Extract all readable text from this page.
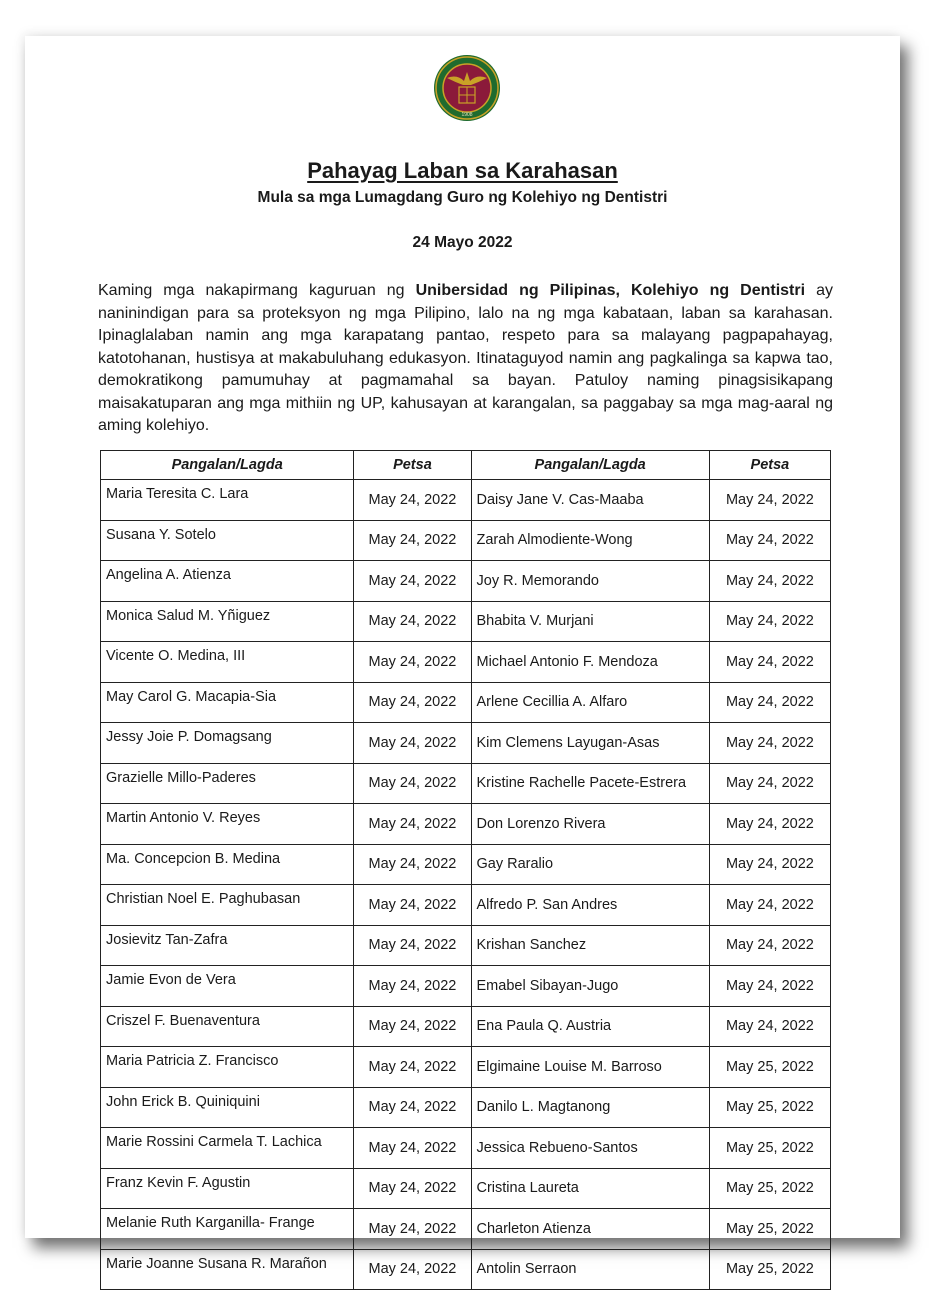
1908
Pahayag Laban sa Karahasan
Mula sa mga Lumagdang Guro ng Kolehiyo ng Dentistri
24 Mayo 2022
Kaming mga nakapirmang kaguruan ng Unibersidad ng Pilipinas, Kolehiyo ng Dentistri ay naninindigan para sa proteksyon ng mga Pilipino, lalo na ng mga kabataan, laban sa karahasan. Ipinaglalaban namin ang mga karapatang pantao, respeto para sa malayang pagpapahayag, katotohanan, hustisya at makabuluhang edukasyon. Itinataguyod namin ang pagkalinga sa kapwa tao, demokratikong pamumuhay at pagmamahal sa bayan. Patuloy naming pinagsisikapang maisakatuparan ang mga mithiin ng UP, kahusayan at karangalan, sa paggabay sa mga mag-aaral ng aming kolehiyo.
Pangalan/Lagda	Petsa	Pangalan/Lagda	Petsa
Maria Teresita C. Lara	May 24, 2022	Daisy Jane V. Cas-Maaba	May 24, 2022
Susana Y. Sotelo	May 24, 2022	Zarah Almodiente-Wong	May 24, 2022
Angelina A. Atienza	May 24, 2022	Joy R. Memorando	May 24, 2022
Monica Salud M. Yñiguez	May 24, 2022	Bhabita V. Murjani	May 24, 2022
Vicente O. Medina, III	May 24, 2022	Michael Antonio F. Mendoza	May 24, 2022
May Carol G. Macapia-Sia	May 24, 2022	Arlene Cecillia A. Alfaro	May 24, 2022
Jessy Joie P. Domagsang	May 24, 2022	Kim Clemens Layugan-Asas	May 24, 2022
Grazielle Millo-Paderes	May 24, 2022	Kristine Rachelle Pacete-Estrera	May 24, 2022
Martin Antonio V. Reyes	May 24, 2022	Don Lorenzo Rivera	May 24, 2022
Ma. Concepcion B. Medina	May 24, 2022	Gay Raralio	May 24, 2022
Christian Noel E. Paghubasan	May 24, 2022	Alfredo P. San Andres	May 24, 2022
Josievitz Tan-Zafra	May 24, 2022	Krishan Sanchez	May 24, 2022
Jamie Evon de Vera	May 24, 2022	Emabel Sibayan-Jugo	May 24, 2022
Criszel F. Buenaventura	May 24, 2022	Ena Paula Q. Austria	May 24, 2022
Maria Patricia Z. Francisco	May 24, 2022	Elgimaine Louise M. Barroso	May 25, 2022
John Erick B. Quiniquini	May 24, 2022	Danilo L. Magtanong	May 25, 2022
Marie Rossini Carmela T. Lachica	May 24, 2022	Jessica Rebueno-Santos	May 25, 2022
Franz Kevin F. Agustin	May 24, 2022	Cristina Laureta	May 25, 2022
Melanie Ruth Karganilla- Frange	May 24, 2022	Charleton Atienza	May 25, 2022
Marie Joanne Susana R. Marañon	May 24, 2022	Antolin Serraon	May 25, 2022
